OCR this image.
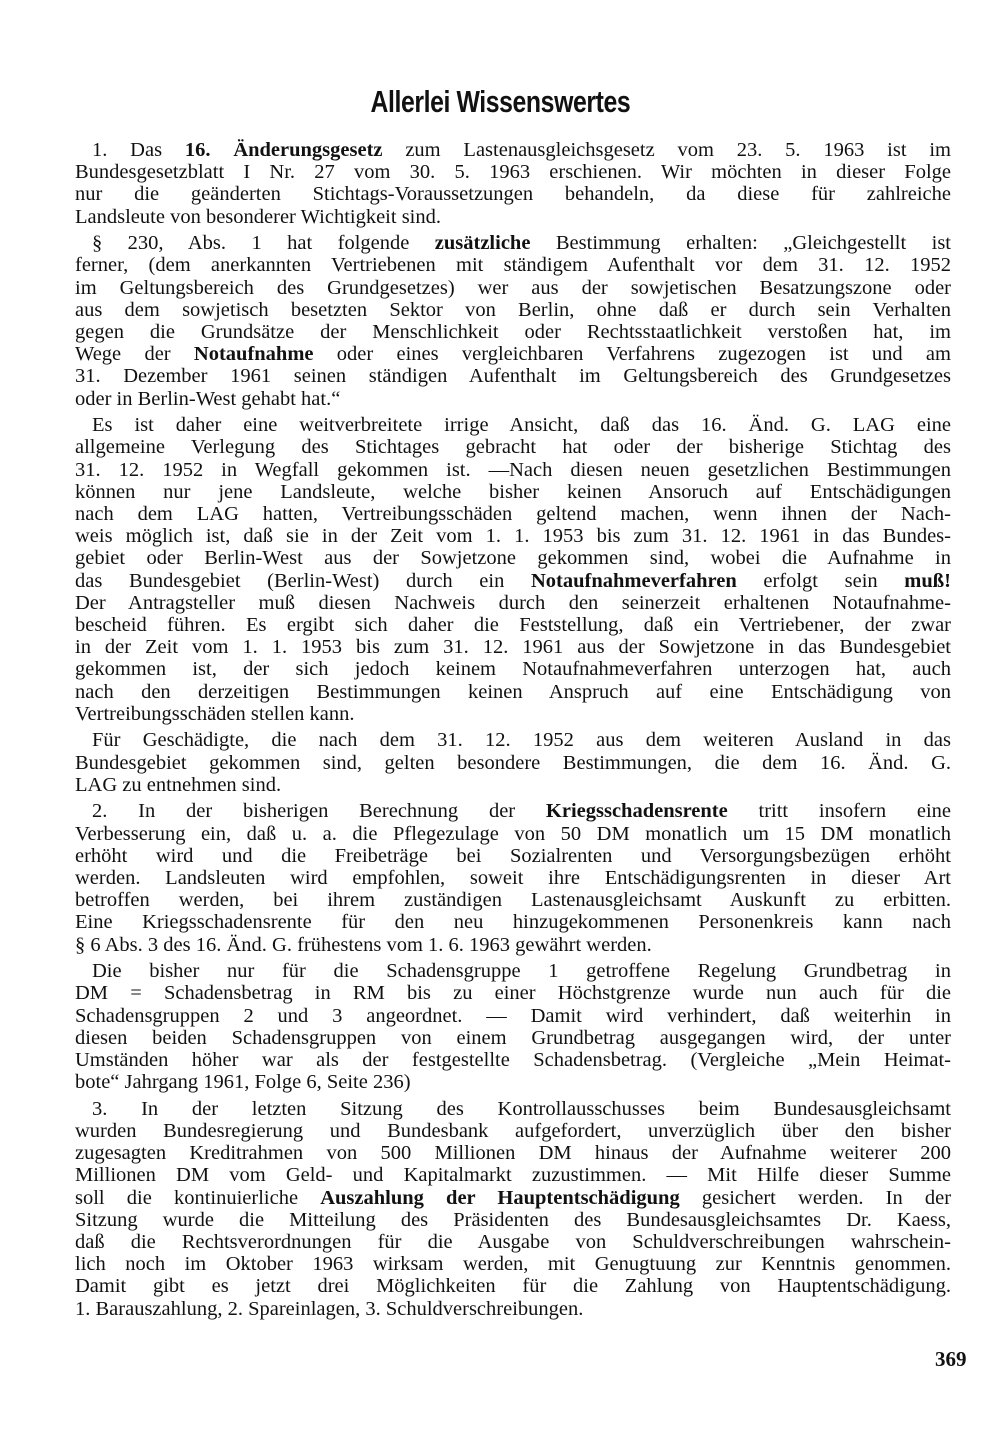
Allerlei Wissenswertes
1. Das 16. Änderungsgesetz zum Lastenausgleichsgesetz vom 23. 5. 1963 ist im
Bundesgesetzblatt I Nr. 27 vom 30. 5. 1963 erschienen. Wir möchten in dieser Folge
nur die geänderten Stichtags-Voraussetzungen behandeln, da diese für zahlreiche
Landsleute von besonderer Wichtigkeit sind.
§ 230, Abs. 1 hat folgende zusätzliche Bestimmung erhalten: „Gleichgestellt ist
ferner, (dem anerkannten Vertriebenen mit ständigem Aufenthalt vor dem 31. 12. 1952
im Geltungsbereich des Grundgesetzes) wer aus der sowjetischen Besatzungszone oder
aus dem sowjetisch besetzten Sektor von Berlin, ohne daß er durch sein Verhalten
gegen die Grundsätze der Menschlichkeit oder Rechtsstaatlichkeit verstoßen hat, im
Wege der Notaufnahme oder eines vergleichbaren Verfahrens zugezogen ist und am
31. Dezember 1961 seinen ständigen Aufenthalt im Geltungsbereich des Grundgesetzes
oder in Berlin-West gehabt hat.“
Es ist daher eine weitverbreitete irrige Ansicht, daß das 16. Änd. G. LAG eine
allgemeine Verlegung des Stichtages gebracht hat oder der bisherige Stichtag des
31. 12. 1952 in Wegfall gekommen ist. —Nach diesen neuen gesetzlichen Bestimmungen
können nur jene Landsleute, welche bisher keinen Ansoruch auf Entschädigungen
nach dem LAG hatten, Vertreibungsschäden geltend machen, wenn ihnen der Nach-
weis möglich ist, daß sie in der Zeit vom 1. 1. 1953 bis zum 31. 12. 1961 in das Bundes-
gebiet oder Berlin-West aus der Sowjetzone gekommen sind, wobei die Aufnahme in
das Bundesgebiet (Berlin-West) durch ein Notaufnahmeverfahren erfolgt sein muß!
Der Antragsteller muß diesen Nachweis durch den seinerzeit erhaltenen Notaufnahme-
bescheid führen. Es ergibt sich daher die Feststellung, daß ein Vertriebener, der zwar
in der Zeit vom 1. 1. 1953 bis zum 31. 12. 1961 aus der Sowjetzone in das Bundesgebiet
gekommen ist, der sich jedoch keinem Notaufnahmeverfahren unterzogen hat, auch
nach den derzeitigen Bestimmungen keinen Anspruch auf eine Entschädigung von
Vertreibungsschäden stellen kann.
Für Geschädigte, die nach dem 31. 12. 1952 aus dem weiteren Ausland in das
Bundesgebiet gekommen sind, gelten besondere Bestimmungen, die dem 16. Änd. G.
LAG zu entnehmen sind.
2. In der bisherigen Berechnung der Kriegsschadensrente tritt insofern eine
Verbesserung ein, daß u. a. die Pflegezulage von 50 DM monatlich um 15 DM monatlich
erhöht wird und die Freibeträge bei Sozialrenten und Versorgungsbezügen erhöht
werden. Landsleuten wird empfohlen, soweit ihre Entschädigungsrenten in dieser Art
betroffen werden, bei ihrem zuständigen Lastenausgleichsamt Auskunft zu erbitten.
Eine Kriegsschadensrente für den neu hinzugekommenen Personenkreis kann nach
§ 6 Abs. 3 des 16. Änd. G. frühestens vom 1. 6. 1963 gewährt werden.
Die bisher nur für die Schadensgruppe 1 getroffene Regelung Grundbetrag in
DM = Schadensbetrag in RM bis zu einer Höchstgrenze wurde nun auch für die
Schadensgruppen 2 und 3 angeordnet. — Damit wird verhindert, daß weiterhin in
diesen beiden Schadensgruppen von einem Grundbetrag ausgegangen wird, der unter
Umständen höher war als der festgestellte Schadensbetrag. (Vergleiche „Mein Heimat-
bote“ Jahrgang 1961, Folge 6, Seite 236)
3. In der letzten Sitzung des Kontrollausschusses beim Bundesausgleichsamt
wurden Bundesregierung und Bundesbank aufgefordert, unverzüglich über den bisher
zugesagten Kreditrahmen von 500 Millionen DM hinaus der Aufnahme weiterer 200
Millionen DM vom Geld- und Kapitalmarkt zuzustimmen. — Mit Hilfe dieser Summe
soll die kontinuierliche Auszahlung der Hauptentschädigung gesichert werden. In der
Sitzung wurde die Mitteilung des Präsidenten des Bundesausgleichsamtes Dr. Kaess,
daß die Rechtsverordnungen für die Ausgabe von Schuldverschreibungen wahrschein-
lich noch im Oktober 1963 wirksam werden, mit Genugtuung zur Kenntnis genommen.
Damit gibt es jetzt drei Möglichkeiten für die Zahlung von Hauptentschädigung.
1. Barauszahlung, 2. Spareinlagen, 3. Schuldverschreibungen.
369
